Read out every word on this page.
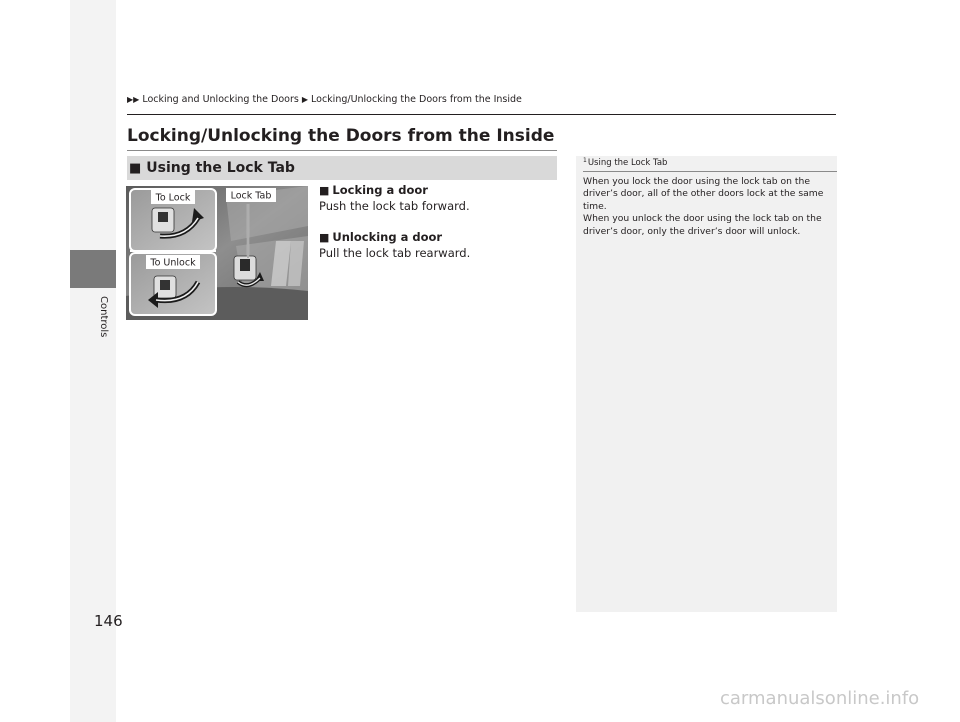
Controls
▶▶ Locking and Unlocking the Doors ▶ Locking/Unlocking the Doors from the Inside
Locking/Unlocking the Doors from the Inside
■ Using the Lock Tab
To Lock	Lock Tab
To Unlock
■ Locking a door
Push the lock tab forward.
■ Unlocking a door
Pull the lock tab rearward.
1 Using the Lock Tab

When you lock the door using the lock tab on the driver’s door, all of the other doors lock at the same time.

When you unlock the door using the lock tab on the driver’s door, only the driver’s door will unlock.

146
carmanualsonline.info
